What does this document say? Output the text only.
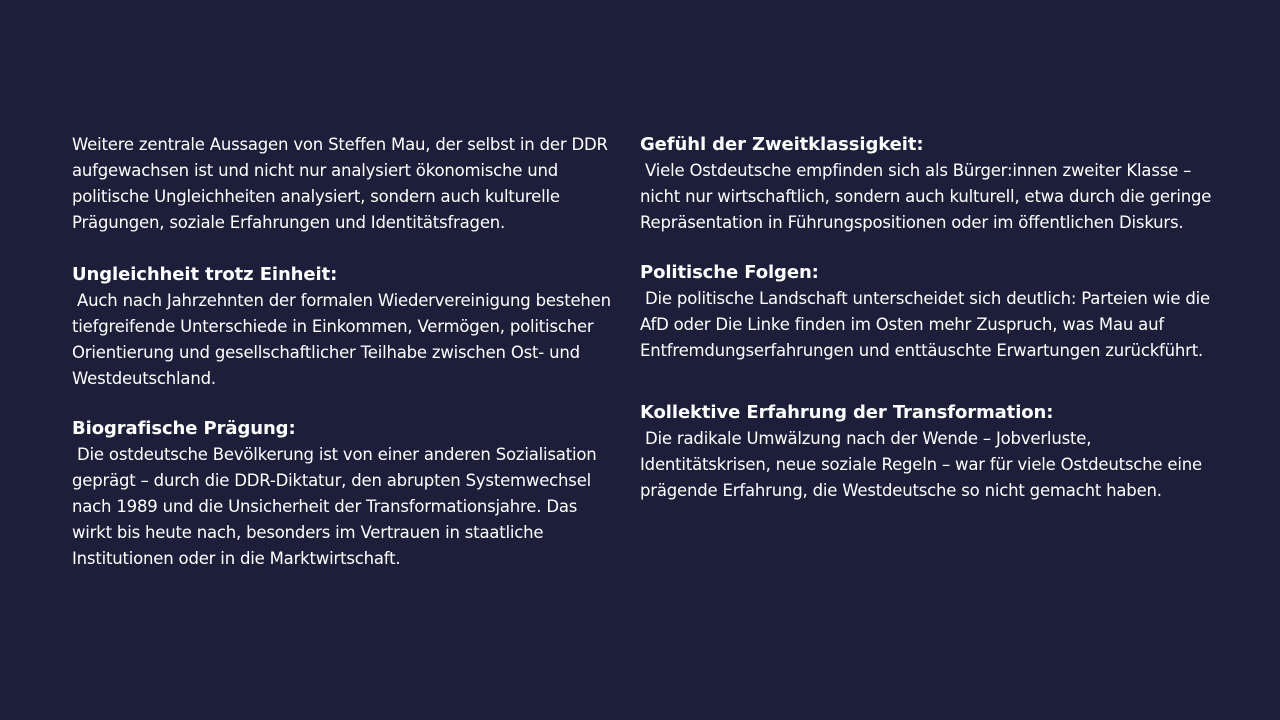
Weitere zentrale Aussagen von Steffen Mau, der selbst in der DDR aufgewachsen ist und nicht nur analysiert ökonomische und politische Ungleichheiten analysiert, sondern auch kulturelle Prägungen, soziale Erfahrungen und Identitätsfragen.

Ungleichheit trotz Einheit:

Auch nach Jahrzehnten der formalen Wiedervereinigung bestehen tiefgreifende Unterschiede in Einkommen, Vermögen, politischer Orientierung und gesellschaftlicher Teilhabe zwischen Ost- und Westdeutschland.

Biografische Prägung:

Die ostdeutsche Bevölkerung ist von einer anderen Sozialisation geprägt – durch die DDR-Diktatur, den abrupten Systemwechsel nach 1989 und die Unsicherheit der Transformationsjahre. Das wirkt bis heute nach, besonders im Vertrauen in staatliche Institutionen oder in die Marktwirtschaft.

Gefühl der Zweitklassigkeit:

Viele Ostdeutsche empfinden sich als Bürger:innen zweiter Klasse – nicht nur wirtschaftlich, sondern auch kulturell, etwa durch die geringe Repräsentation in Führungspositionen oder im öffentlichen Diskurs.

Politische Folgen:

Die politische Landschaft unterscheidet sich deutlich: Parteien wie die AfD oder Die Linke finden im Osten mehr Zuspruch, was Mau auf Entfremdungserfahrungen und enttäuschte Erwartungen zurückführt.

Kollektive Erfahrung der Transformation:

Die radikale Umwälzung nach der Wende – Jobverluste, Identitätskrisen, neue soziale Regeln – war für viele Ostdeutsche eine prägende Erfahrung, die Westdeutsche so nicht gemacht haben.
